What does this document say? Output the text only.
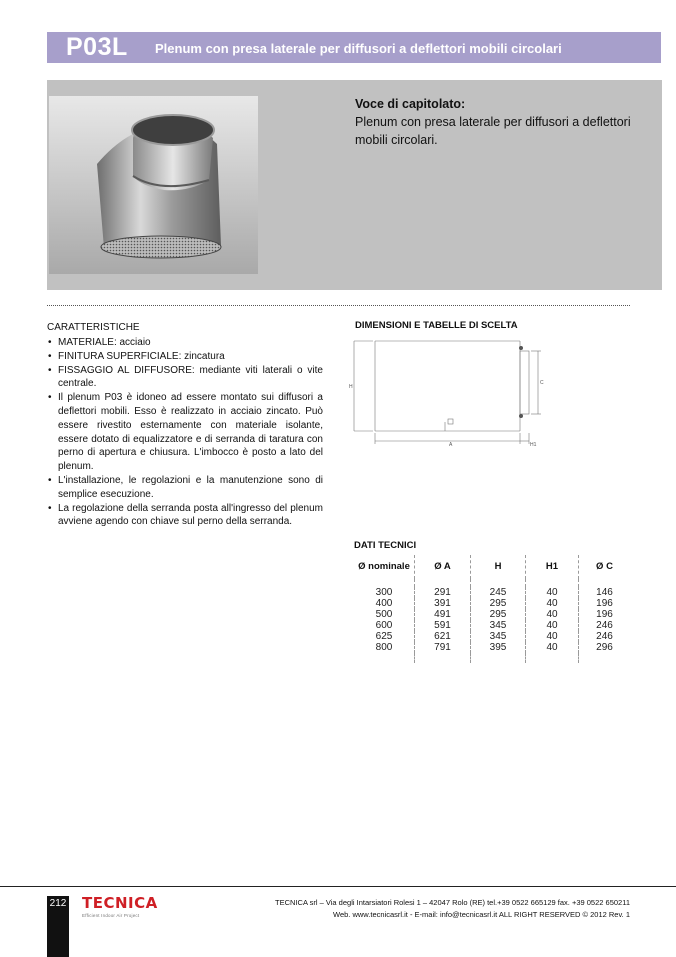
P03L Plenum con presa laterale per diffusori a deflettori mobili circolari
Voce di capitolato:
Plenum con presa laterale per diffusori a deflettori mobili circolari.
CARATTERISTICHE
• MATERIALE: acciaio
• FINITURA SUPERFICIALE: zincatura
• FISSAGGIO AL DIFFUSORE: mediante viti laterali o vite centrale.
• Il plenum P03 è idoneo ad essere montato sui diffusori a deflettori mobili. Esso è realizzato in acciaio zincato. Può essere rivestito esternamente con materiale isolante, essere dotato di equalizzatore e di serranda di taratura con perno di apertura e chiusura. L'imbocco è posto a lato del plenum.
• L'installazione, le regolazioni e la manutenzione sono di semplice esecuzione.
• La regolazione della serranda posta all'ingresso del plenum avviene agendo con chiave sul perno della serranda.
DIMENSIONI E TABELLE DI SCELTA
H
C
A	H1
DATI TECNICI
Ø nominale	Ø A	H	H1	Ø C
300	291	245	40	146
400	391	295	40	196
500	491	295	40	196
600	591	345	40	246
625	621	345	40	246
800	791	395	40	296
212 TECNICA
Efficient Indoor Air Project
TECNICA srl – Via degli Intarsiatori Rolesi 1 – 42047 Rolo (RE) tel.+39 0522 665129 fax. +39 0522 650211
Web. www.tecnicasrl.it - E-mail: info@tecnicasrl.it ALL RIGHT RESERVED © 2012 Rev. 1
